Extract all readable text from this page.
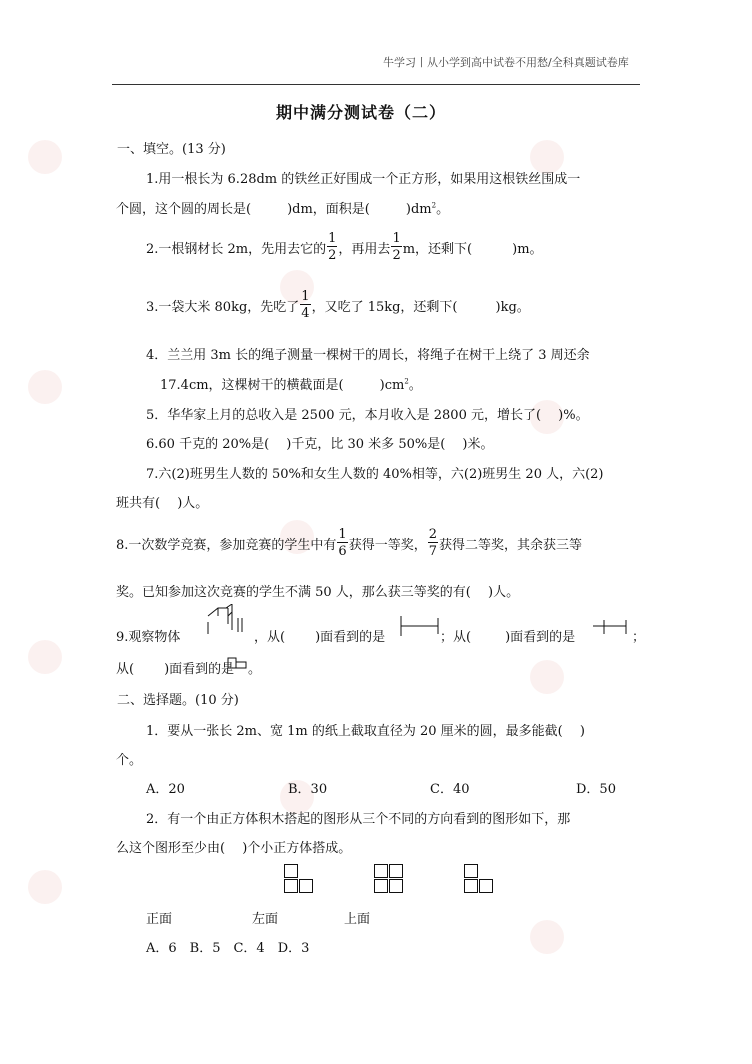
牛学习丨从小学到高中试卷不用愁/全科真题试卷库
期中满分测试卷（二）
一、填空。(13 分)
1.用一根长为 6.28dm 的铁丝正好围成一个正方形，如果用这根铁丝围成一
个圆，这个圆的周长是(	)dm，面积是(	)$dm^2$。
2.一根钢材长 2m，先用去它的 $\frac{1}{2}$ ，再用去 $\frac{1}{2}$ m，还剩下(	)m。
3.一袋大米 80kg，先吃了 $\frac{1}{4}$ ，又吃了 15kg，还剩下(	)kg。
4．兰兰用 3m 长的绳子测量一棵树干的周长，将绳子在树干上绕了 3 周还余
17.4cm，这棵树干的横截面是(	)$cm^2$。
5．华华家上月的总收入是 2500 元，本月收入是 2800 元，增长了(　 )%。
6.60 千克的 20%是(　 )千克，比 30 米多 50%是(　 )米。
7.六(2)班男生人数的 50%和女生人数的 40%相等，六(2)班男生 20 人，六(2)
班共有(　 )人。
8.一次数学竞赛，参加竞赛的学生中有 $\frac{1}{6}$ 获得一等奖， $\frac{2}{7}$ 获得二等奖，其余获三等
奖。已知参加这次竞赛的学生不满 50 人，那么获三等奖的有(　 )人。
9.观察物体	，从( )面看到的是	；从(	)面看到的是	；
从( )面看到的是 。
二、选择题。(10 分)
1．要从一张长 2m、宽 1m 的纸上截取直径为 20 厘米的圆，最多能截(　 )
个。
A．20	B．30	C．40	D．50
2．有一个由正方体积木搭起的图形从三个不同的方向看到的图形如下，那
么这个图形至少由(　 )个小正方体搭成。
正面	左面	上面
A．6　B．5　C．4　D．3
